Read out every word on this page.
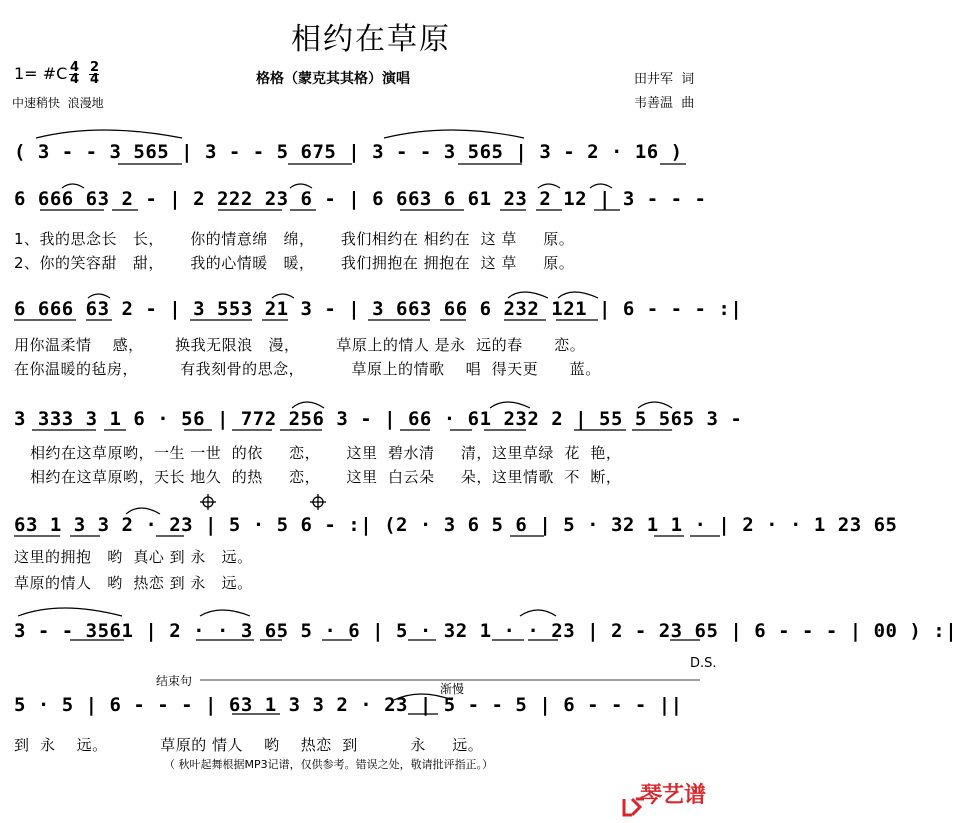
相约在草原
1= #C 4
4
2
4
中速稍快  浪漫地
格格（蒙克其其格）演唱	田井军  词
韦善温  曲
( 3 - - 3 565 | 3 - - 5 675 | 3 - - 3 565 | 3 - 2 · 16 )
6 666 63 2 - | 2 222 23 6 - | 6 663 6 61 23 2 12 | 3 - - -
1、我的思念长   长，     你的情意绵   绵，     我们相约在 相约在  这 草     原。
2、你的笑容甜   甜，     我的心情暖   暖，     我们拥抱在 拥抱在  这 草     原。
6 666 63 2 - | 3 553 21 3 - | 3 663 66 6 232 121 | 6 - - - :|
用你温柔情    感，      换我无限浪   漫，       草原上的情人 是永  远的春      恋。
在你温暖的毡房，        有我刻骨的思念，         草原上的情歌    唱  得天更      蓝。
3 333 3 1 6 · 56 | 772 256 3 - | 66 · 61 232 2 | 55 5 565 3 -
相约在这草原哟，一生 一世  的依     恋，     这里  碧水清     清，这里草绿  花  艳，
相约在这草原哟，天长 地久  的热     恋，     这里  白云朵     朵，这里情歌  不  断，
63 1 3 3 2 · 23 | 5 · 5 6 - :| (2 · 3 6 5 6 | 5 · 32 1 1 · | 2 · · 1 23 65
这里的拥抱   哟  真心 到 永   远。
草原的情人   哟  热恋 到 永   远。
3 - - 3561 | 2 · · 3 65 5 · 6 | 5 · 32 1 · · 23 | 2 - 23 65 | 6 - - - | 00 ) :|
D.S.
结束句
渐慢
5 · 5 | 6 - - - | 63 1 3 3 2 · 23 | 5 - - 5 | 6 - - - ||
到  永    远。          草原的 情人    哟    热恋  到          永     远。
（ 秋叶起舞根据MP3记谱，仅供参考。错误之处，敬请批评指正。）

琴艺谱
